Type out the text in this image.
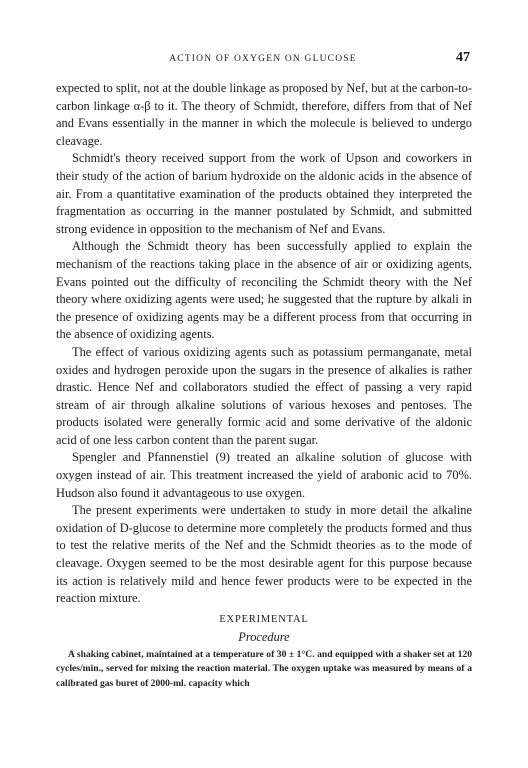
ACTION OF OXYGEN ON GLUCOSE	47

expected to split, not at the double linkage as proposed by Nef, but at the carbon-to-carbon linkage α-β to it. The theory of Schmidt, therefore, differs from that of Nef and Evans essentially in the manner in which the molecule is believed to undergo cleavage.

Schmidt's theory received support from the work of Upson and coworkers in their study of the action of barium hydroxide on the aldonic acids in the absence of air. From a quantitative examination of the products obtained they interpreted the fragmentation as occurring in the manner postulated by Schmidt, and submitted strong evidence in opposition to the mechanism of Nef and Evans.

Although the Schmidt theory has been successfully applied to explain the mechanism of the reactions taking place in the absence of air or oxidizing agents, Evans pointed out the difficulty of reconciling the Schmidt theory with the Nef theory where oxidizing agents were used; he suggested that the rupture by alkali in the presence of oxidizing agents may be a different process from that occurring in the absence of oxidizing agents.

The effect of various oxidizing agents such as potassium permanganate, metal oxides and hydrogen peroxide upon the sugars in the presence of alkalies is rather drastic. Hence Nef and collaborators studied the effect of passing a very rapid stream of air through alkaline solutions of various hexoses and pentoses. The products isolated were generally formic acid and some derivative of the aldonic acid of one less carbon content than the parent sugar.

Spengler and Pfannenstiel (9) treated an alkaline solution of glucose with oxygen instead of air. This treatment increased the yield of arabonic acid to 70%. Hudson also found it advantageous to use oxygen.

The present experiments were undertaken to study in more detail the alkaline oxidation of D-glucose to determine more completely the products formed and thus to test the relative merits of the Nef and the Schmidt theories as to the mode of cleavage. Oxygen seemed to be the most desirable agent for this purpose because its action is relatively mild and hence fewer products were to be expected in the reaction mixture.

EXPERIMENTAL
Procedure

A shaking cabinet, maintained at a temperature of 30 ± 1°C. and equipped with a shaker set at 120 cycles/min., served for mixing the reaction material. The oxygen uptake was measured by means of a calibrated gas buret of 2000-ml. capacity which
